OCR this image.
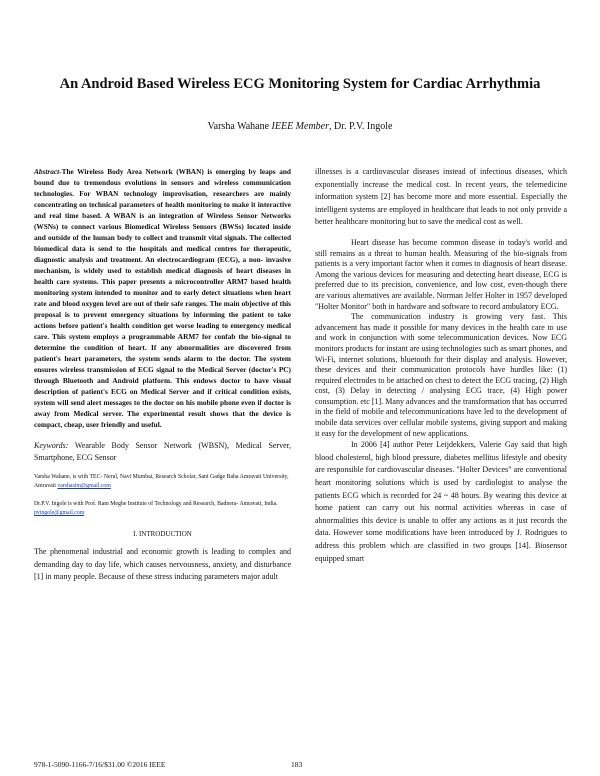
An Android Based Wireless ECG Monitoring System for Cardiac Arrhythmia
Varsha Wahane IEEE Member, Dr. P.V. Ingole

Abstract-The Wireless Body Area Network (WBAN) is emerging by leaps and bound due to tremendous evolutions in sensors and wireless communication technologies. For WBAN technology improvisation, researchers are mainly concentrating on technical parameters of health monitoring to make it interactive and real time based. A WBAN is an integration of Wireless Sensor Networks (WSNs) to connect various Biomedical Wireless Sensors (BWSs) located inside and outside of the human body to collect and transmit vital signals. The collected biomedical data is send to the hospitals and medical centres for therapeutic, diagnostic analysis and treatment. An electrocardiogram (ECG), a non- invasive mechanism, is widely used to establish medical diagnosis of heart diseases in health care systems. This paper presents a microcontroller ARM7 based health monitoring system intended to monitor and to early detect situations when heart rate and blood oxygen level are out of their safe ranges. The main objective of this proposal is to prevent emergency situations by informing the patient to take actions before patient's health condition get worse leading to emergency medical care. This system employs a programmable ARM7 for confab the bio-signal to determine the condition of heart. If any abnormalities are discovered from patient's heart parameters, the system sends alarm to the doctor. The system ensures wireless transmission of ECG signal to the Medical Server (doctor's PC) through Bluetooth and Android platform. This endows doctor to have visual description of patient's ECG on Medical Server and if critical condition exists, system will send alert messages to the doctor on his mobile phone even if doctor is away from Medical server. The experimental result shows that the device is compact, cheap, user friendly and useful.

Keywords: Wearable Body Sensor Network (WBSN), Medical Server, Smartphone, ECG Sensor

Varsha Wahane, is with TEC- Nerul, Navi Mumbai, Research Scholar, Sant Gadge Baba Amravati University, Amravati varshasim@gmail.com

Dr.P.V. Ingole is with Prof. Ram Meghe Institute of Technology and Research, Badnera- Amravati, India. pvingole@gmail.com

I. INTRODUCTION

The phenomenal industrial and economic growth is leading to complex and demanding day to day life, which causes nervousness, anxiety, and disturbance [1] in many people. Because of these stress inducing parameters major adult

illnesses is a cardiovascular diseases instead of infectious diseases, which exponentially increase the medical cost. In recent years, the telemedicine information system [2] has become more and more essential. Especially the intelligent systems are employed in healthcare that leads to not only provide a better healthcare monitoring but to save the medical cost as well.

Heart disease has become common disease in today's world and still remains as a threat to human health. Measuring of the bio-signals from patients is a very important factor when it comes to diagnosis of heart disease. Among the various devices for measuring and detecting heart disease, ECG is preferred due to its precision, convenience, and low cost, even-though there are various alternatives are available. Norman Jelfer Holter in 1957 developed "Holter Monitor" both in hardware and software to record ambulatory ECG.

The communication industry is growing very fast. This advancement has made it possible for many devices in the health care to use and work in conjunction with some telecommunication devices. Now ECG monitors products for instant are using technologies such as smart phones, and Wi-Fi, internet solutions, bluetooth for their display and analysis. However, these devices and their communication protocols have hurdles like: (1) required electrodes to be attached on chest to detect the ECG tracing, (2) High cost, (3) Delay in detecting / analysing ECG trace, (4) High power consumption. etc [1]. Many advances and the transformation that has occurred in the field of mobile and telecommunications have led to the development of mobile data services over cellular mobile systems, giving support and making it easy for the development of new applications.

In 2006 [4] author Peter Leijdekkers, Valerie Gay said that high blood cholesterol, high blood pressure, diabetes mellitus lifestyle and obesity are responsible for cardiovascular diseases. "Holter Devices" are conventional heart monitoring solutions which is used by cardiologist to analyse the patients ECG which is recorded for 24 ~ 48 hours. By wearing this device at home patient can carry out his normal activities whereas in case of abnormalities this device is unable to offer any actions as it just records the data. However some modifications have been introduced by J. Rodrigues to address this problem which are classified in two groups [14]. Biosensor equipped smart

978-1-5090-1166-7/16/$31.00 ©2016 IEEE	183
